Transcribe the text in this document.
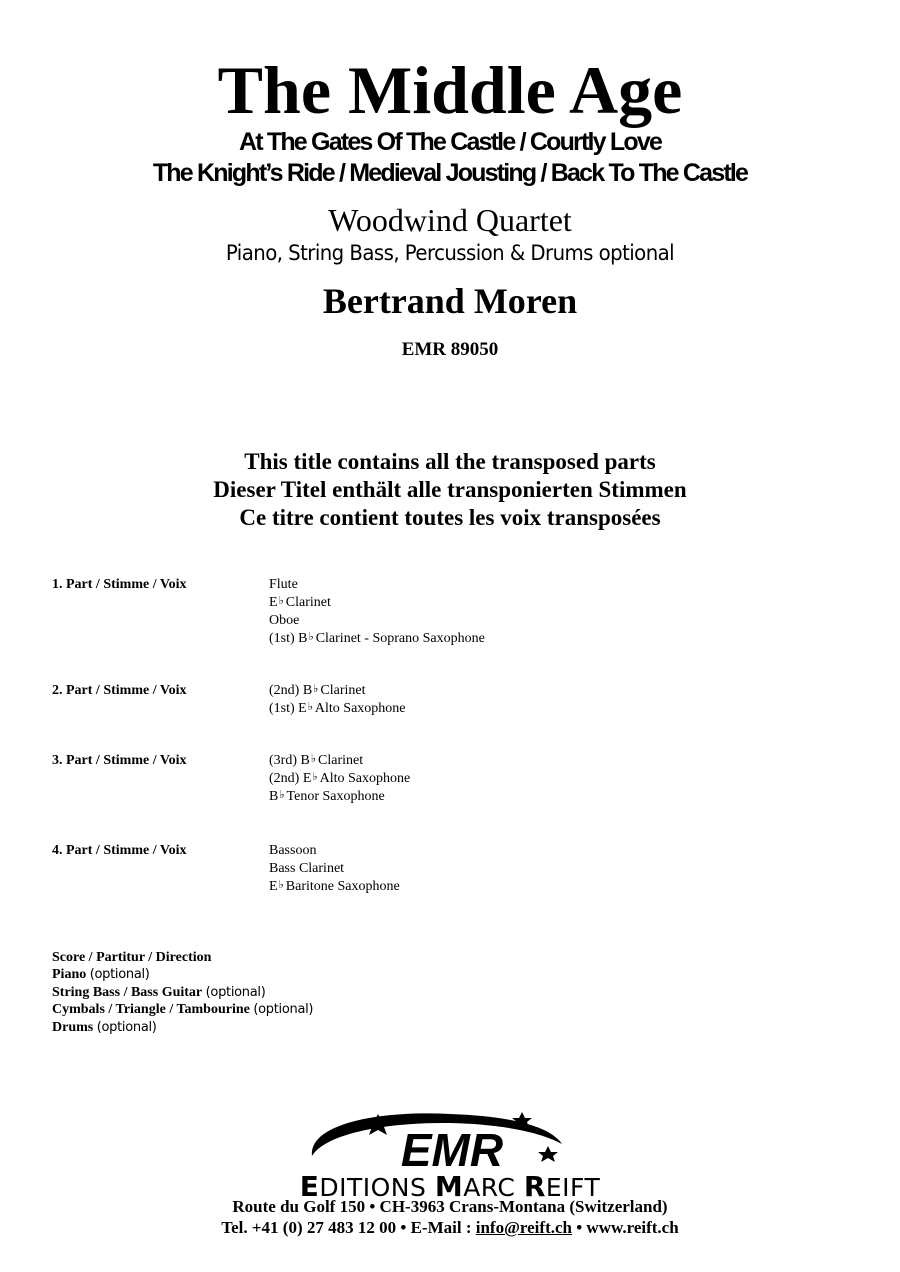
The Middle Age
At The Gates Of The Castle / Courtly Love
The Knight’s Ride / Medieval Jousting / Back To The Castle
Woodwind Quartet
Piano, String Bass, Percussion & Drums optional
Bertrand Moren
EMR 89050
This title contains all the transposed parts
Dieser Titel enthält alle transponierten Stimmen
Ce titre contient toutes les voix transposées
1. Part / Stimme / Voix	Flute
E♭ Clarinet
Oboe
(1st) B♭ Clarinet - Soprano Saxophone
2. Part / Stimme / Voix	(2nd) B♭ Clarinet
(1st) E♭ Alto Saxophone
3. Part / Stimme / Voix	(3rd) B♭ Clarinet
(2nd) E♭ Alto Saxophone
B♭ Tenor Saxophone
4. Part / Stimme / Voix	Bassoon
Bass Clarinet
E♭ Baritone Saxophone
Score / Partitur / Direction
Piano (optional)
String Bass / Bass Guitar (optional)
Cymbals / Triangle / Tambourine (optional)
Drums (optional)
EMR
EDITIONS MARC REIFT
Route du Golf 150 • CH-3963 Crans-Montana (Switzerland)
Tel. +41 (0) 27 483 12 00 • E-Mail : info@reift.ch • www.reift.ch
